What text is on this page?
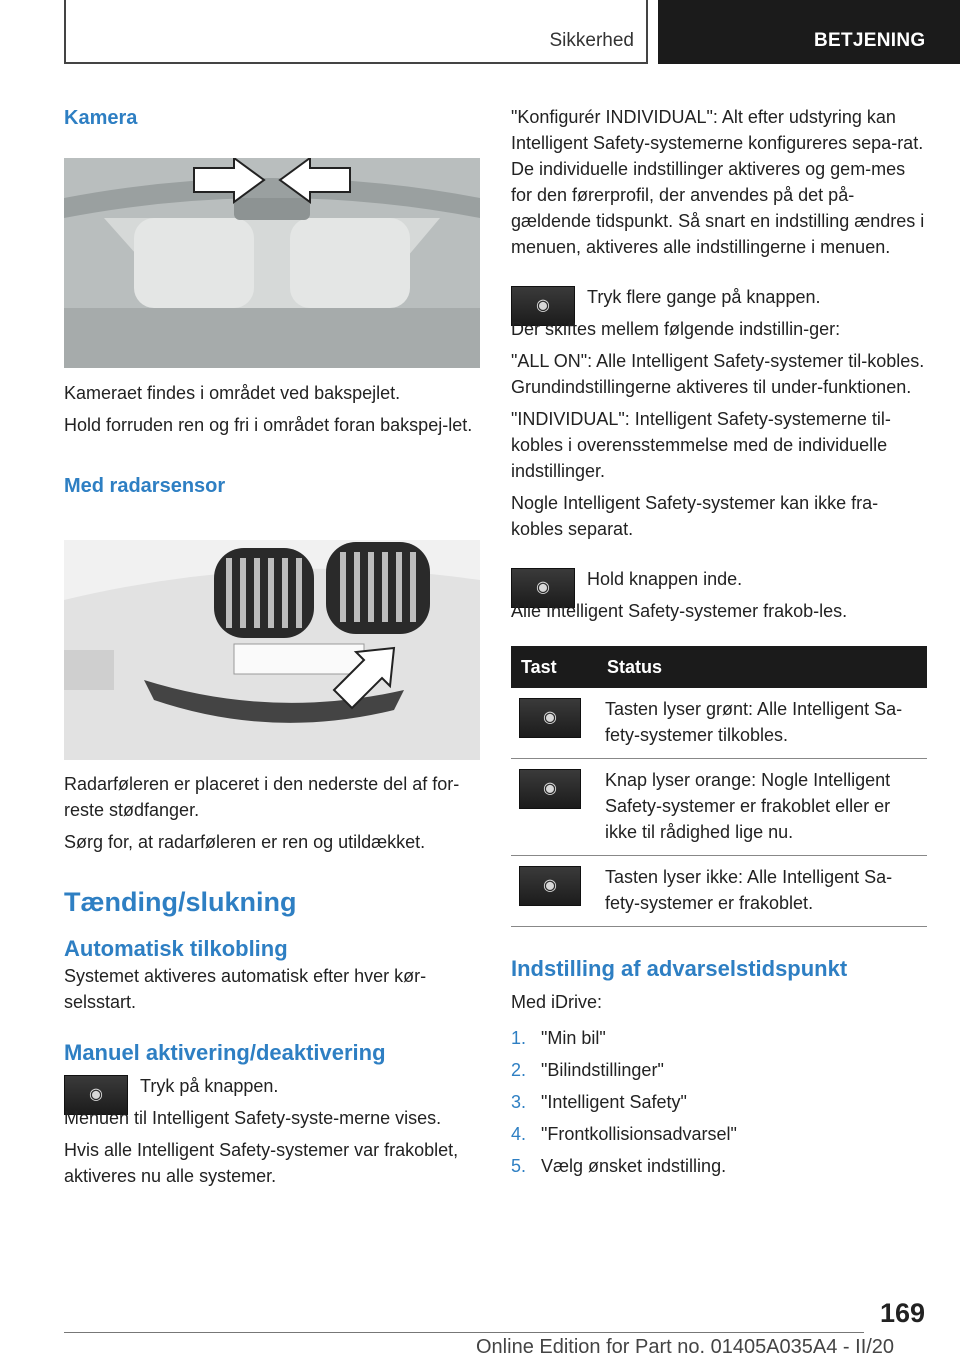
Sikkerhed	BETJENING
Kamera

Kameraet findes i området ved bakspejlet.

Hold forruden ren og fri i området foran bakspej-let.

Med radarsensor

Radarføleren er placeret i den nederste del af for-reste stødfanger.

Sørg for, at radarføleren er ren og utildækket.

Tænding/slukning
Automatisk tilkobling

Systemet aktiveres automatisk efter hver kør-selsstart.

Manuel aktivering/deaktivering
◉ Tryk på knappen.

Menuen til Intelligent Safety-syste-merne vises.

Hvis alle Intelligent Safety-systemer var frakoblet, aktiveres nu alle systemer.

"Konfigurér INDIVIDUAL": Alt efter udstyring kan Intelligent Safety-systemerne konfigureres sepa-rat. De individuelle indstillinger aktiveres og gem-mes for den førerprofil, der anvendes på det på-gældende tidspunkt. Så snart en indstilling ændres i menuen, aktiveres alle indstillingerne i menuen.

◉ Tryk flere gange på knappen.

Der skiftes mellem følgende indstillin-ger:

"ALL ON": Alle Intelligent Safety-systemer til-kobles. Grundindstillingerne aktiveres til under-funktionen.

"INDIVIDUAL": Intelligent Safety-systemerne til-kobles i overensstemmelse med de individuelle indstillinger.

Nogle Intelligent Safety-systemer kan ikke fra-kobles separat.

◉ Hold knappen inde.

Alle Intelligent Safety-systemer frakob-les.

Tast	Status

◉	Tasten lyser grønt: Alle Intelligent Sa-fety-systemer tilkobles.

◉	Knap lyser orange: Nogle Intelligent Safety-systemer er frakoblet eller er ikke til rådighed lige nu.

◉	Tasten lyser ikke: Alle Intelligent Sa-fety-systemer er frakoblet.
Indstilling af advarselstidspunkt

Med iDrive:

1. "Min bil"
2. "Bilindstillinger"
3. "Intelligent Safety"
4. "Frontkollisionsadvarsel"
5. Vælg ønsket indstilling.
169
Online Edition for Part no. 01405A035A4 - II/20
